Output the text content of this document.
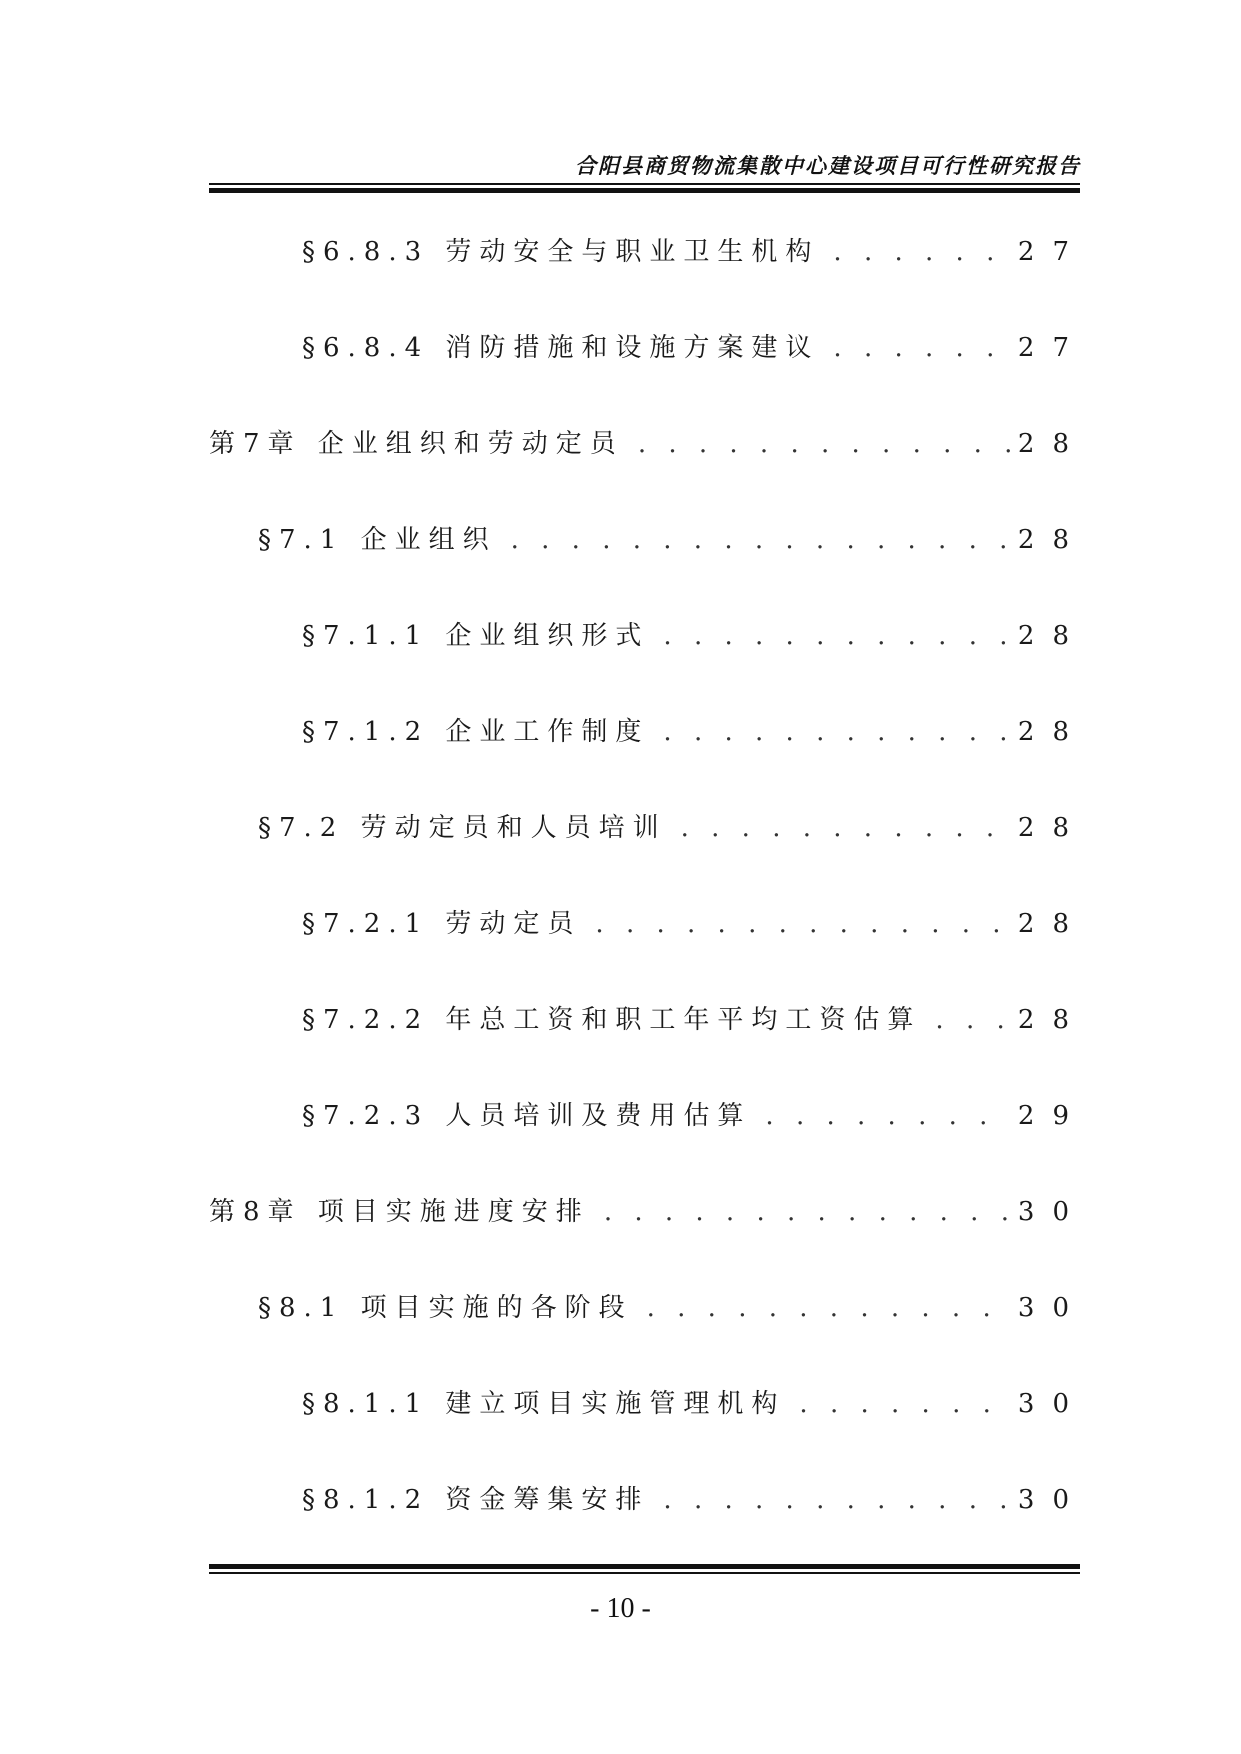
合阳县商贸物流集散中心建设项目可行性研究报告
§6.8.3 劳动安全与职业卫生机构 . . .	27
§6.8.4 消防措施和设施方案建议 . . .	27
第7章 企业组织和劳动定员 . . .	28
§7.1 企业组织 . . .	28
§7.1.1 企业组织形式 . . .	28
§7.1.2 企业工作制度 . . .	28
§7.2 劳动定员和人员培训 . . .	28
§7.2.1 劳动定员 . . .	28
§7.2.2 年总工资和职工年平均工资估算 . . .	28
§7.2.3 人员培训及费用估算 . . .	29
第8章 项目实施进度安排 . . .	30
§8.1 项目实施的各阶段 . . .	30
§8.1.1 建立项目实施管理机构 . . .	30
§8.1.2 资金筹集安排 . . .	30
- 10 -
